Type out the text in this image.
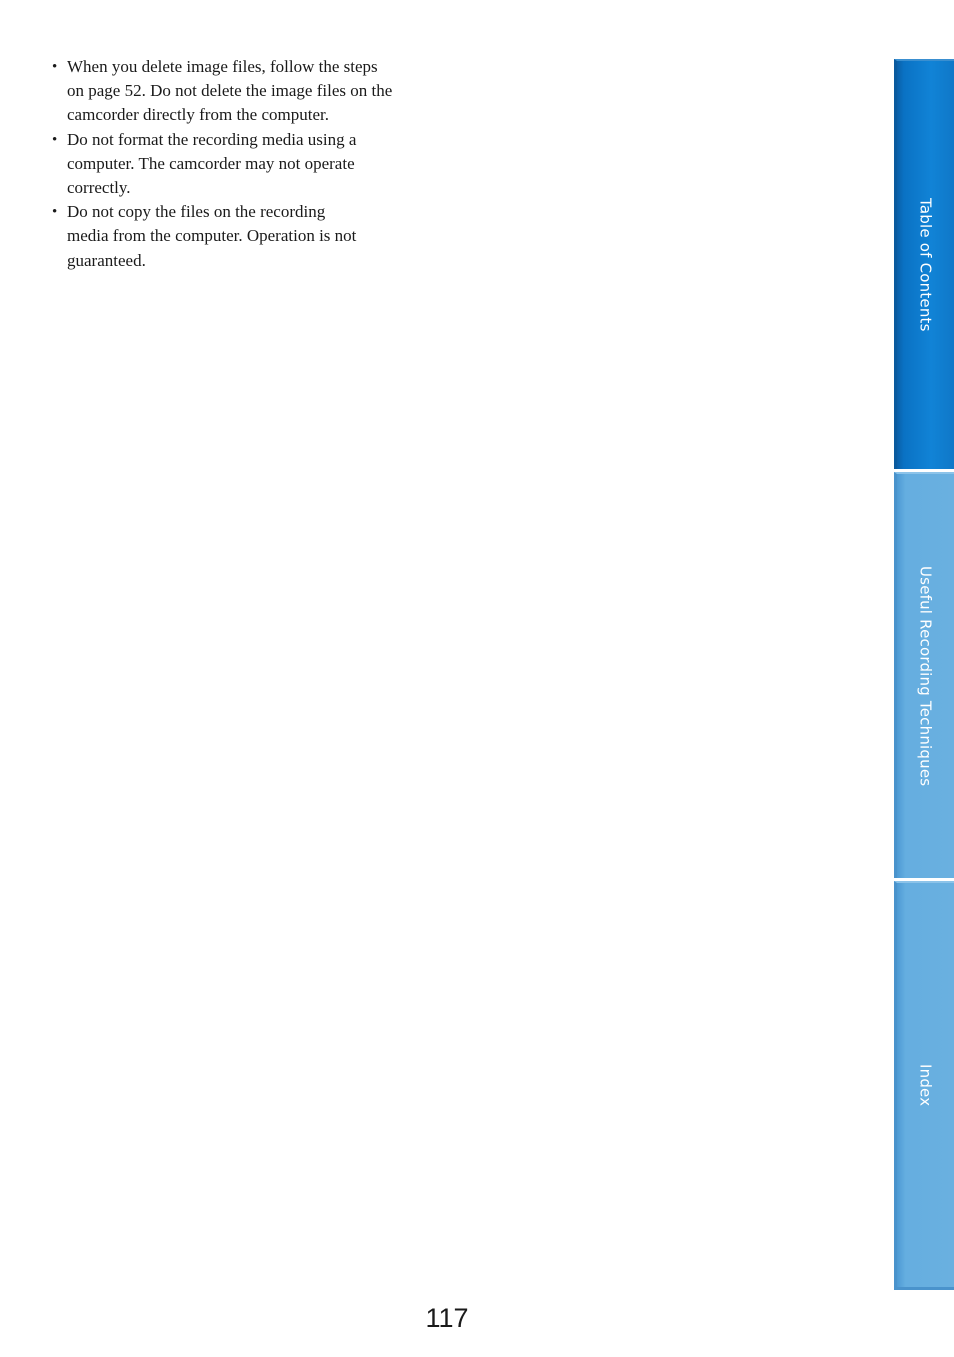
• When you delete image files, follow the steps
on page 52. Do not delete the image files on the
camcorder directly from the computer.
• Do not format the recording media using a
computer. The camcorder may not operate
correctly.
• Do not copy the files on the recording
media from the computer. Operation is not
guaranteed.	Table of Contents
Useful Recording Techniques
Index
117
